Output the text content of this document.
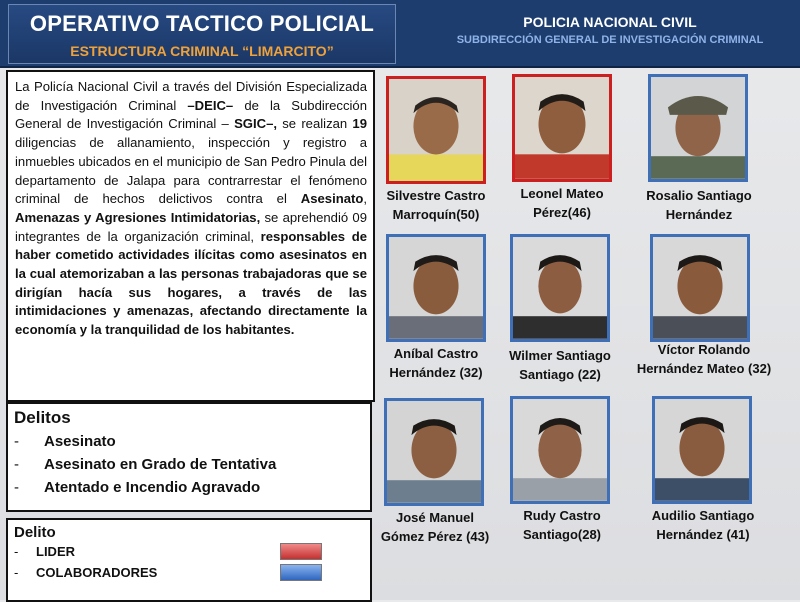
OPERATIVO TACTICO POLICIAL
ESTRUCTURA CRIMINAL “LIMARCITO”
POLICIA NACIONAL CIVIL
SUBDIRECCIÓN GENERAL DE INVESTIGACIÓN CRIMINAL
La Policía Nacional Civil a través del División Especializada de Investigación Criminal –DEIC– de la Subdirección General de Investigación Criminal – SGIC–, se realizan 19 diligencias de allanamiento, inspección y registro a inmuebles ubicados en el municipio de San Pedro Pinula del departamento de Jalapa para contrarrestar el fenómeno criminal de hechos delictivos contra el Asesinato, Amenazas y Agresiones Intimidatorias, se aprehendió 09 integrantes de la organización criminal, responsables de haber cometido actividades ilícitas como asesinatos en la cual atemorizaban a las personas trabajadoras que se dirigían hacía sus hogares, a través de las intimidaciones y amenazas, afectando directamente la economía y la tranquilidad de los habitantes.
Delitos
-	Asesinato
-	Asesinato en Grado de Tentativa
-	Atentado e Incendio Agravado
Delito
-	LIDER
-	COLABORADORES
Silvestre Castro
Marroquín(50)
Leonel Mateo
Pérez(46)
Rosalio Santiago
Hernández
Aníbal Castro
Hernández (32)
Wilmer Santiago
Santiago (22)
Víctor Rolando
Hernández Mateo (32)
José Manuel
Gómez Pérez (43)
Rudy Castro
Santiago(28)
Audilio Santiago
Hernández (41)
